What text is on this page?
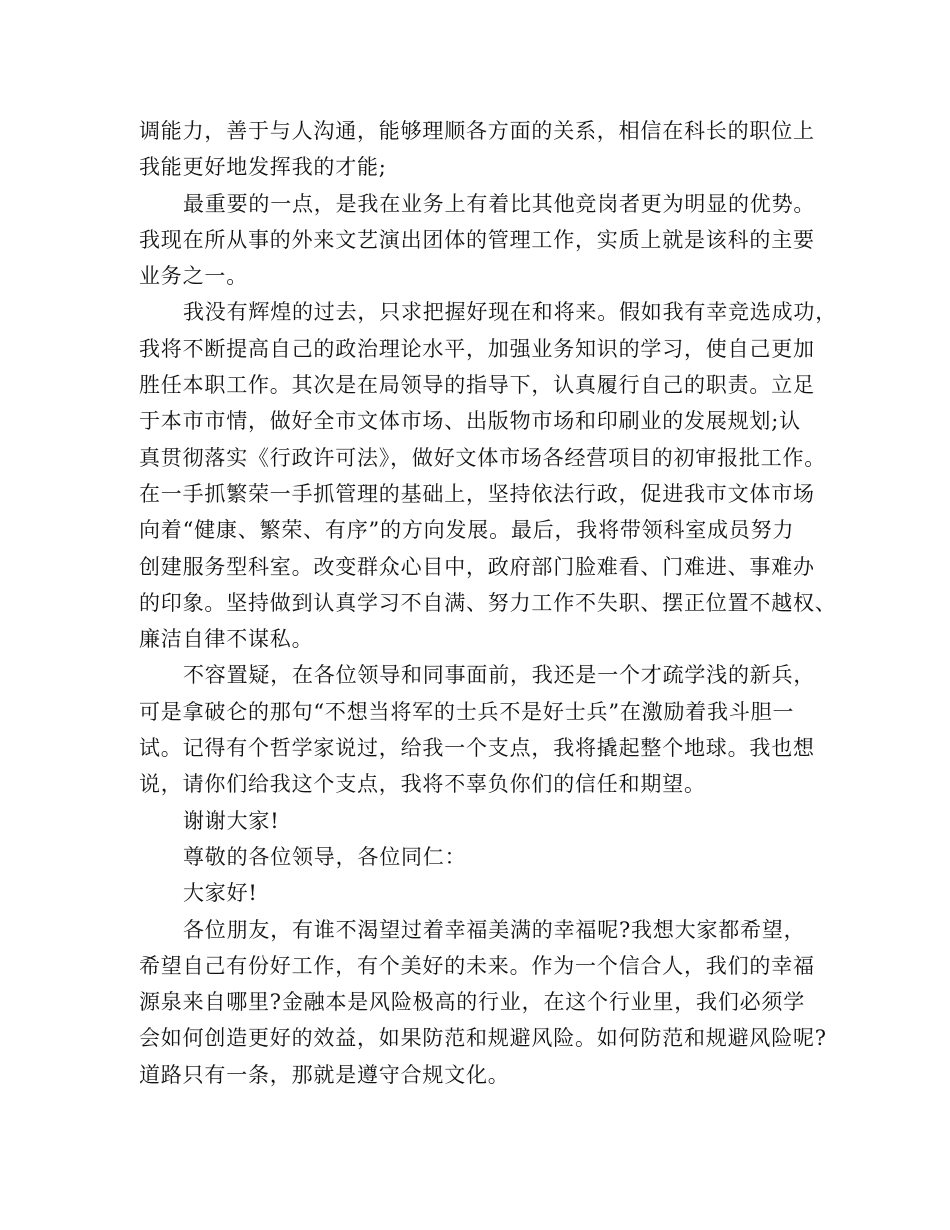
调能力，善于与人沟通，能够理顺各方面的关系，相信在科长的职位上
我能更好地发挥我的才能;
最重要的一点，是我在业务上有着比其他竞岗者更为明显的优势。
我现在所从事的外来文艺演出团体的管理工作，实质上就是该科的主要
业务之一。
我没有辉煌的过去，只求把握好现在和将来。假如我有幸竞选成功，
我将不断提高自己的政治理论水平，加强业务知识的学习，使自己更加
胜任本职工作。其次是在局领导的指导下，认真履行自己的职责。立足
于本市市情，做好全市文体市场、出版物市场和印刷业的发展规划;认
真贯彻落实《行政许可法》，做好文体市场各经营项目的初审报批工作。
在一手抓繁荣一手抓管理的基础上，坚持依法行政，促进我市文体市场
向着“健康、繁荣、有序”的方向发展。最后，我将带领科室成员努力
创建服务型科室。改变群众心目中，政府部门脸难看、门难进、事难办
的印象。坚持做到认真学习不自满、努力工作不失职、摆正位置不越权、
廉洁自律不谋私。
不容置疑，在各位领导和同事面前，我还是一个才疏学浅的新兵，
可是拿破仑的那句“不想当将军的士兵不是好士兵”在激励着我斗胆一
试。记得有个哲学家说过，给我一个支点，我将撬起整个地球。我也想
说，请你们给我这个支点，我将不辜负你们的信任和期望。
谢谢大家!
尊敬的各位领导，各位同仁：
大家好!
各位朋友，有谁不渴望过着幸福美满的幸福呢?我想大家都希望，
希望自己有份好工作，有个美好的未来。作为一个信合人，我们的幸福
源泉来自哪里?金融本是风险极高的行业，在这个行业里，我们必须学
会如何创造更好的效益，如果防范和规避风险。如何防范和规避风险呢?
道路只有一条，那就是遵守合规文化。
